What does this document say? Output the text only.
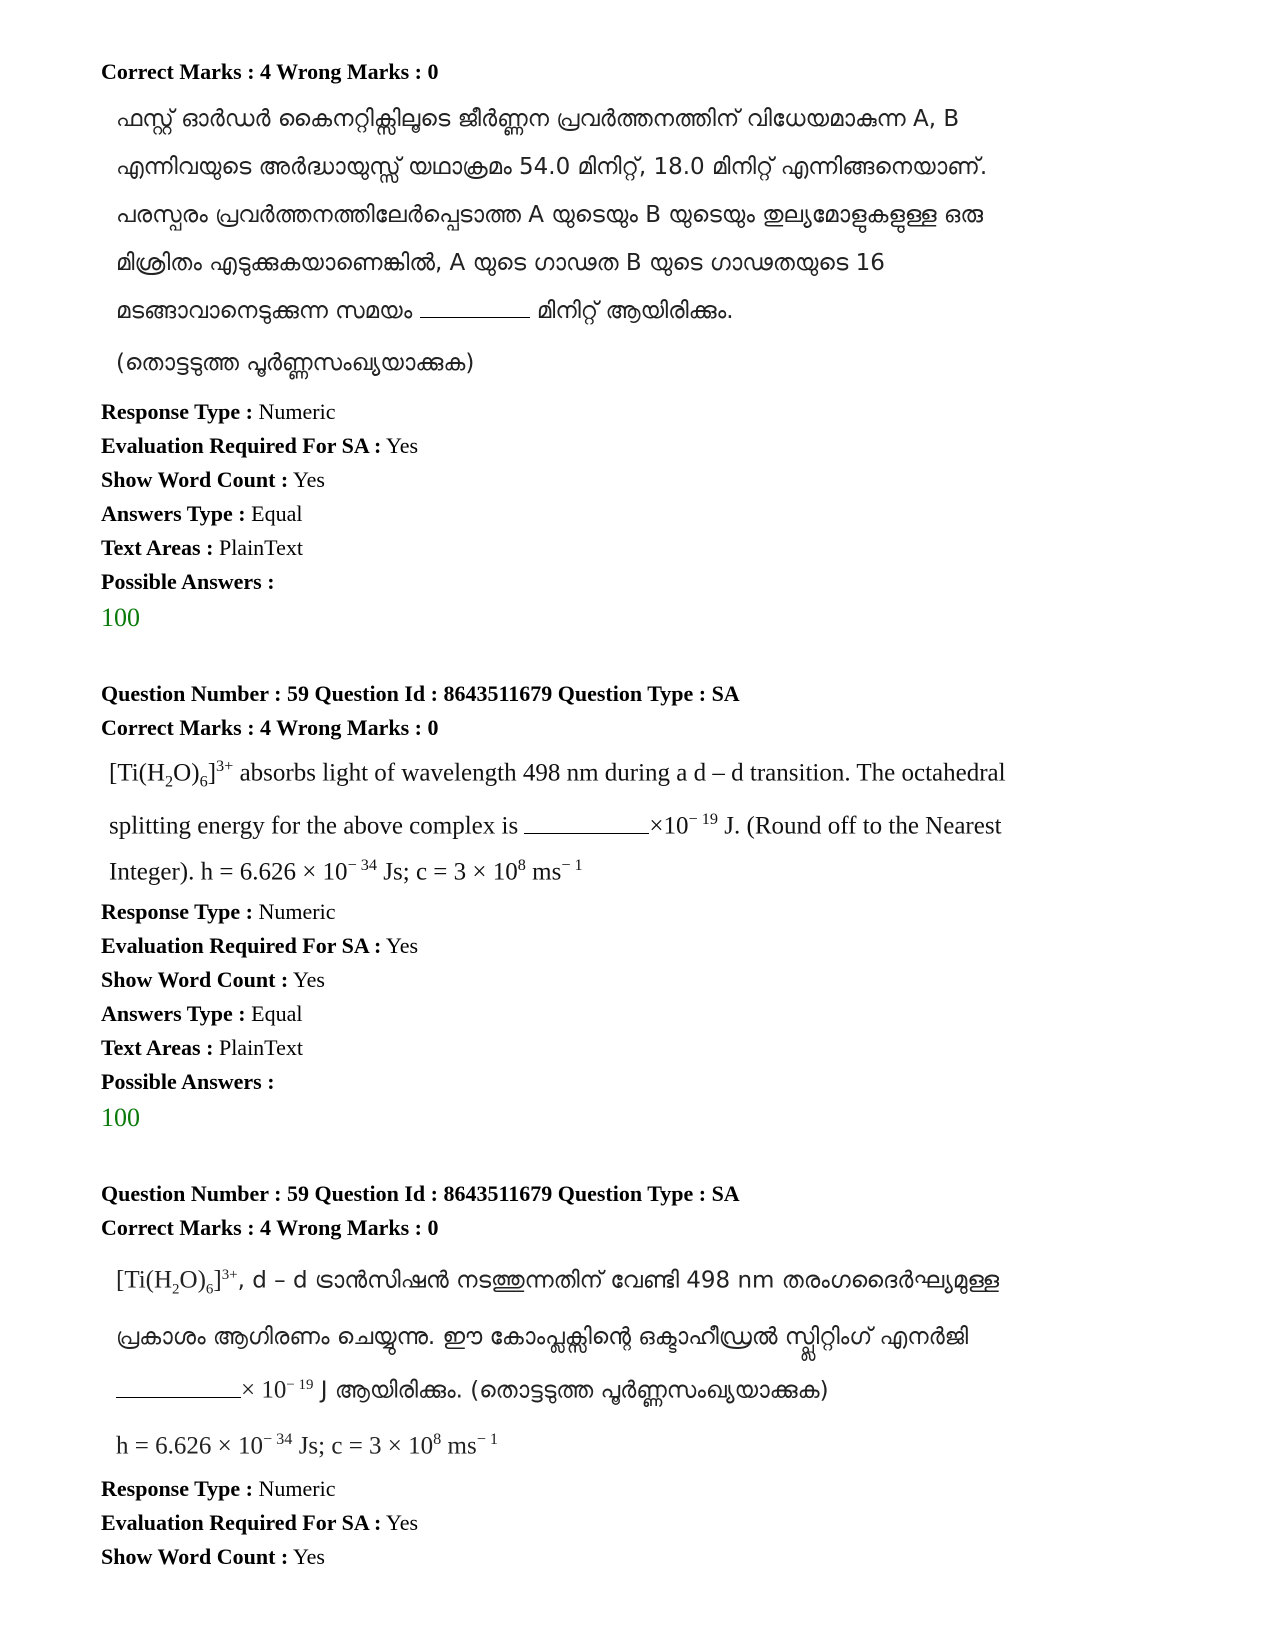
Correct Marks : 4 Wrong Marks : 0

ഫസ്റ്റ് ഓർഡർ കൈനറ്റിക്സിലൂടെ ജീർണ്ണന പ്രവർത്തനത്തിന് വിധേയമാകുന്ന A, B

എന്നിവയുടെ അർദ്ധായുസ്സ് യഥാക്രമം 54.0 മിനിറ്റ്, 18.0 മിനിറ്റ് എന്നിങ്ങനെയാണ്.

പരസ്പരം പ്രവർത്തനത്തിലേർപ്പെടാത്ത A യുടെയും B യുടെയും തുല്യമോളുകളുള്ള ഒരു

മിശ്രിതം എടുക്കുകയാണെങ്കിൽ, A യുടെ ഗാഢത B യുടെ ഗാഢതയുടെ 16

മടങ്ങാവാനെടുക്കുന്ന സമയം	മിനിറ്റ് ആയിരിക്കും.

(തൊട്ടടുത്ത പൂർണ്ണസംഖ്യയാക്കുക)

Response Type : Numeric
Evaluation Required For SA : Yes
Show Word Count : Yes
Answers Type : Equal
Text Areas : PlainText
Possible Answers :
100
Question Number : 59 Question Id : 8643511679 Question Type : SA
Correct Marks : 4 Wrong Marks : 0

$[Ti(H_2O)_6]^{3+}$ absorbs light of wavelength 498 nm during a d – d transition. The octahedral

splitting energy for the above complex is	$\times 10^{- 19}$ J. (Round off to the Nearest

Integer). $h = 6.626 \times 10^{- 34}$ Js; $c = 3 \times 10^8$ $ms^{- 1}$

Response Type : Numeric
Evaluation Required For SA : Yes
Show Word Count : Yes
Answers Type : Equal
Text Areas : PlainText
Possible Answers :
100
Question Number : 59 Question Id : 8643511679 Question Type : SA
Correct Marks : 4 Wrong Marks : 0

$[Ti(H_2O)_6]^{3+}$, d – d ട്രാൻസിഷൻ നടത്തുന്നതിന് വേണ്ടി 498 nm തരംഗദൈർഘ്യമുള്ള

പ്രകാശം ആഗിരണം ചെയ്യുന്നു. ഈ കോംപ്ലക്സിന്റെ ഒക്ടാഹീഡ്രൽ സ്പ്ലിറ്റിംഗ് എനർജി

× $10^{- 19}$ J ആയിരിക്കും. (തൊട്ടടുത്ത പൂർണ്ണസംഖ്യയാക്കുക)

$h = 6.626 \times 10^{- 34}$ Js; $c = 3 \times 10^8$ $ms^{- 1}$

Response Type : Numeric
Evaluation Required For SA : Yes
Show Word Count : Yes
